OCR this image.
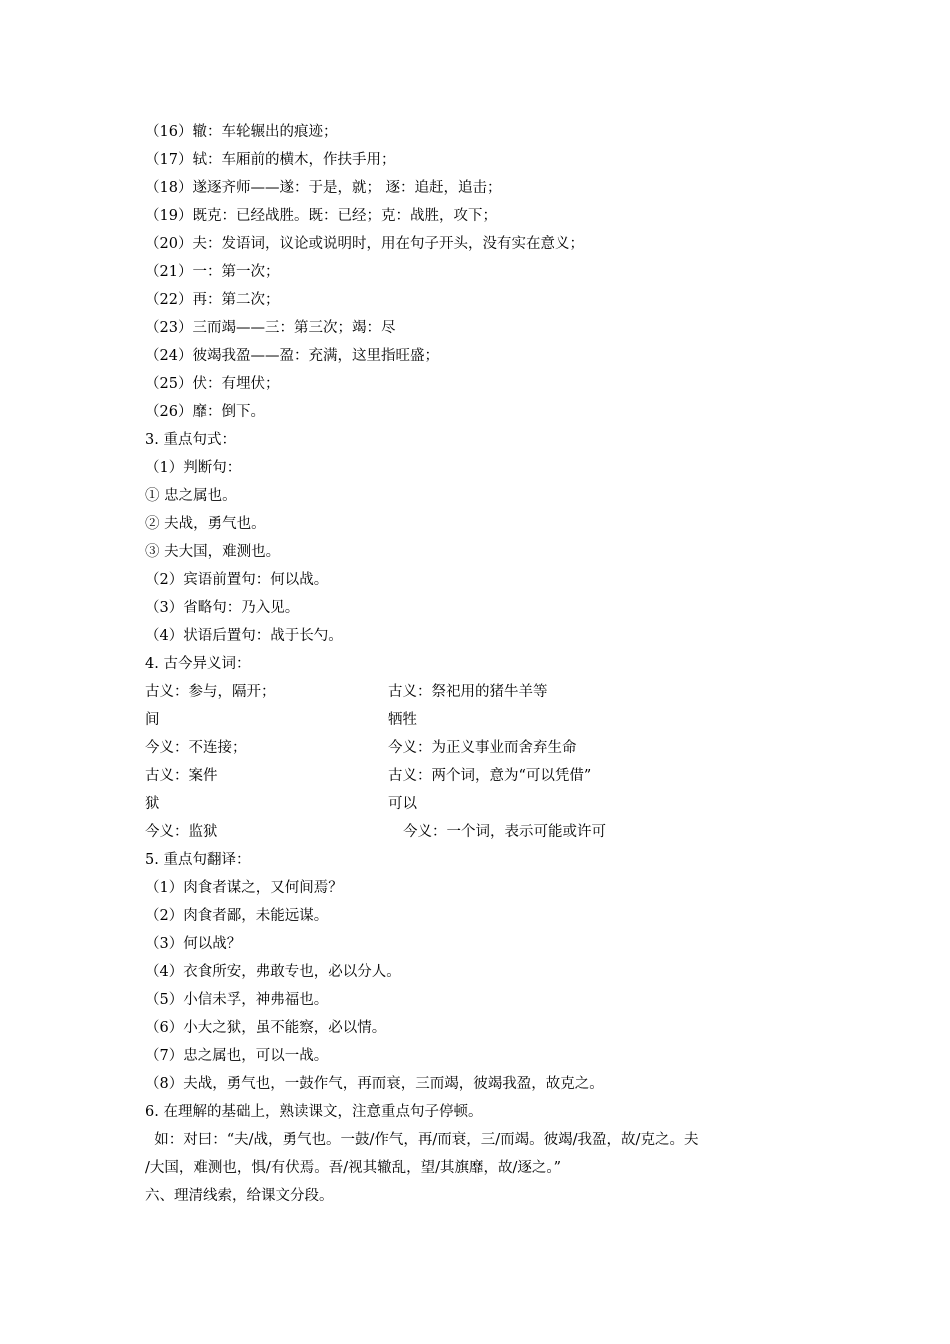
（16）辙：车轮辗出的痕迹；
（17）轼：车厢前的横木，作扶手用；
（18）遂逐齐师——遂：于是，就； 逐：追赶，追击；
（19）既克：已经战胜。既：已经；克：战胜，攻下；
（20）夫：发语词，议论或说明时，用在句子开头，没有实在意义；
（21）一：第一次；
（22）再：第二次；
（23）三而竭——三：第三次；竭：尽
（24）彼竭我盈——盈：充满，这里指旺盛；
（25）伏：有埋伏；
（26）靡：倒下。
3. 重点句式：
（1）判断句：
① 忠之属也。
② 夫战，勇气也。
③ 夫大国，难测也。
（2）宾语前置句：何以战。
（3）省略句：乃入见。
（4）状语后置句：战于长勺。
4. 古今异义词：
古义：参与，隔开；
间
今义：不连接；
古义：案件
狱
今义：监狱
古义：祭祀用的猪牛羊等
牺牲
今义：为正义事业而舍弃生命
古义：两个词，意为“可以凭借”
可以
今义：一个词，表示可能或许可
5. 重点句翻译：
（1）肉食者谋之，又何间焉？
（2）肉食者鄙，未能远谋。
（3）何以战？
（4）衣食所安，弗敢专也，必以分人。
（5）小信未孚，神弗福也。
（6）小大之狱，虽不能察，必以情。
（7）忠之属也，可以一战。
（8）夫战，勇气也，一鼓作气，再而衰，三而竭，彼竭我盈，故克之。
6. 在理解的基础上，熟读课文，注意重点句子停顿。
如：对曰：“夫/战，勇气也。一鼓/作气，再/而衰，三/而竭。彼竭/我盈，故/克之。夫
/大国，难测也，惧/有伏焉。吾/视其辙乱，望/其旗靡，故/逐之。”
六、理清线索，给课文分段。
